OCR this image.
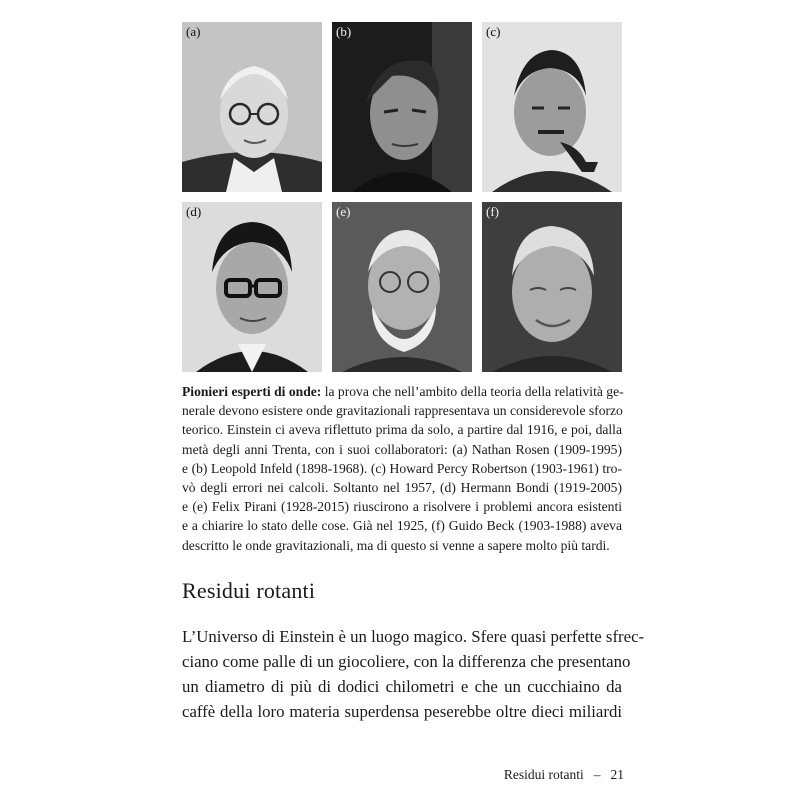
(a)	(b)	(c)
(d)	(e)	(f)
Pionieri esperti di onde: la prova che nell’ambito della teoria della relatività ge-
nerale devono esistere onde gravitazionali rappresentava un considerevole sforzo
teorico. Einstein ci aveva riflettuto prima da solo, a partire dal 1916, e poi, dalla
metà degli anni Trenta, con i suoi collaboratori: (a) Nathan Rosen (1909-1995)
e (b) Leopold Infeld (1898-1968). (c) Howard Percy Robertson (1903-1961) tro-
vò degli errori nei calcoli. Soltanto nel 1957, (d) Hermann Bondi (1919-2005)
e (e) Felix Pirani (1928-2015) riuscirono a risolvere i problemi ancora esistenti
e a chiarire lo stato delle cose. Già nel 1925, (f) Guido Beck (1903-1988) aveva
descritto le onde gravitazionali, ma di questo si venne a sapere molto più tardi.
Residui rotanti
L’Universo di Einstein è un luogo magico. Sfere quasi perfette sfrec-
ciano come palle di un giocoliere, con la differenza che presentano
un diametro di più di dodici chilometri e che un cucchiaino da
caffè della loro materia superdensa peserebbe oltre dieci miliardi
Residui rotanti – 21
